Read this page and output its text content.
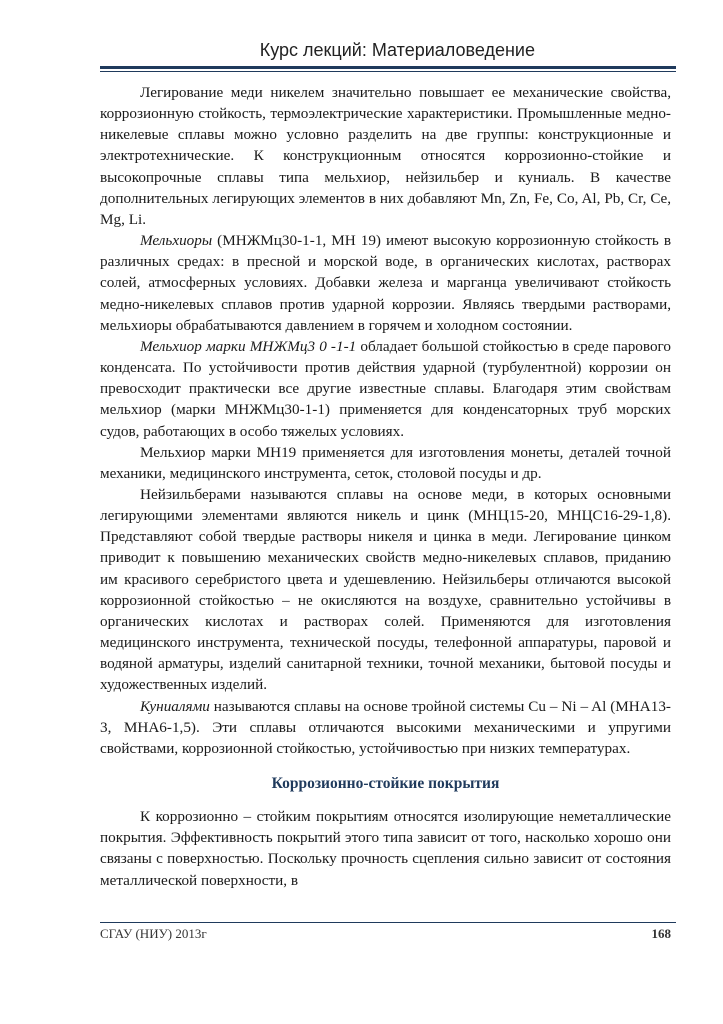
Курс лекций: Материаловедение

Легирование меди никелем значительно повышает ее механические свойства, коррозионную стойкость, термоэлектрические характеристики. Промышленные медно-никелевые сплавы можно условно разделить на две группы: конструкционные и электротехнические. К конструкционным относятся коррозионно-стойкие и высокопрочные сплавы типа мельхиор, нейзильбер и куниаль. В качестве дополнительных легирующих элементов в них добавляют Mn, Zn, Fe, Co, Al, Pb, Cr, Ce, Mg, Li.

Мельхиоры (МНЖМц30-1-1, МН 19) имеют высокую коррозионную стойкость в различных средах: в пресной и морской воде, в органических кислотах, растворах солей, атмосферных условиях. Добавки железа и марганца увеличивают стойкость медно-никелевых сплавов против ударной коррозии. Являясь твердыми растворами, мельхиоры обрабатываются давлением в горячем и холодном состоянии.

Мельхиор марки МНЖМц3 0 -1-1 обладает большой стойкостью в среде парового конденсата. По устойчивости против действия ударной (турбулентной) коррозии он превосходит практически все другие известные сплавы. Благодаря этим свойствам мельхиор (марки МНЖМц30-1-1) применяется для конденсаторных труб морских судов, работающих в особо тяжелых условиях.

Мельхиор марки МН19 применяется для изготовления монеты, деталей точной механики, медицинского инструмента, сеток, столовой посуды и др.

Нейзильберами называются сплавы на основе меди, в которых основными легирующими элементами являются никель и цинк (МНЦ15-20, МНЦС16-29-1,8). Представляют собой твердые растворы никеля и цинка в меди. Легирование цинком приводит к повышению механических свойств медно-никелевых сплавов, приданию им красивого серебристого цвета и удешевлению. Нейзильберы отличаются высокой коррозионной стойкостью – не окисляются на воздухе, сравнительно устойчивы в органических кислотах и растворах солей. Применяются для изготовления медицинского инструмента, технической посуды, телефонной аппаратуры, паровой и водяной арматуры, изделий санитарной техники, точной механики, бытовой посуды и художественных изделий.

Куниалями называются сплавы на основе тройной системы Cu – Ni – Al (МНА13-3, МНА6-1,5). Эти сплавы отличаются высокими механическими и упругими свойствами, коррозионной стойкостью, устойчивостью при низких температурах.

Коррозионно-стойкие покрытия

К коррозионно – стойким покрытиям относятся изолирующие неметаллические покрытия. Эффективность покрытий этого типа зависит от того, насколько хорошо они связаны с поверхностью. Поскольку прочность сцепления сильно зависит от состояния металлической поверхности, в

СГАУ (НИУ) 2013г	168
